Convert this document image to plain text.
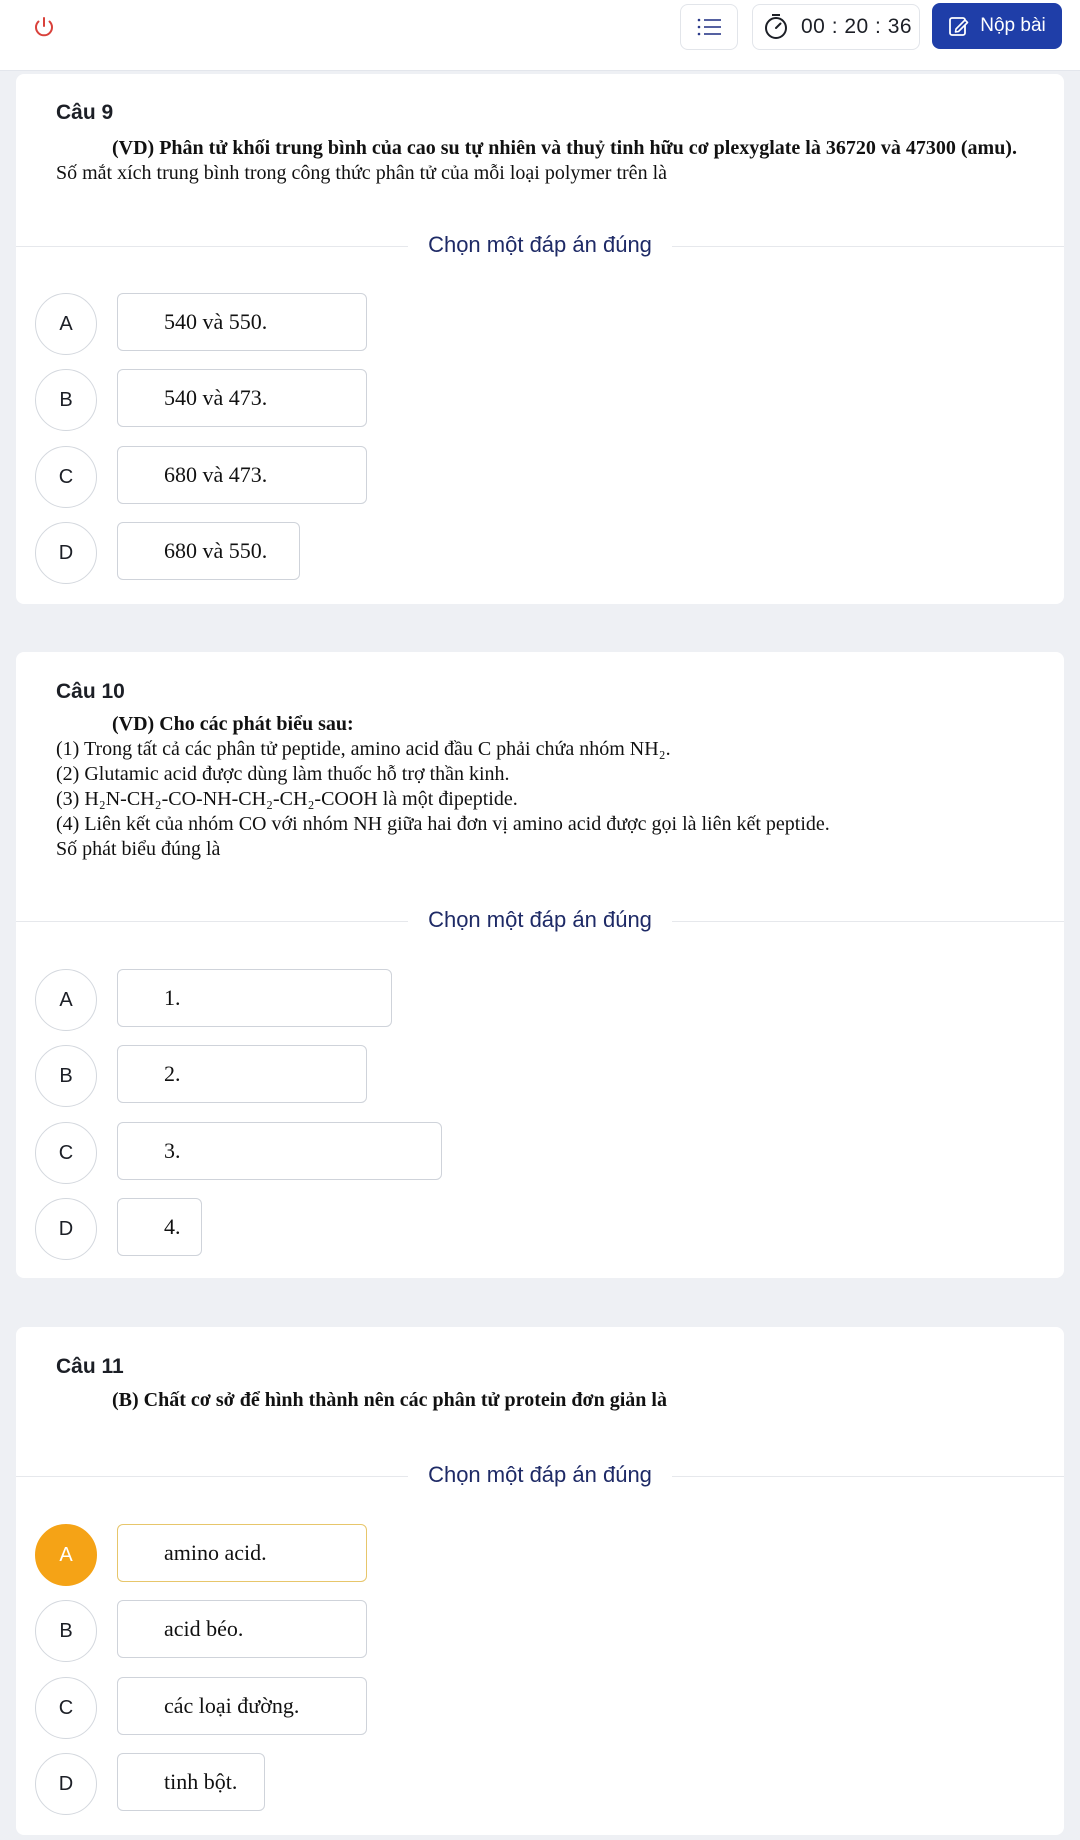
00 : 20 : 36	Nộp bài
Câu 9
(VD) Phân tử khối trung bình của cao su tự nhiên và thuỷ tinh hữu cơ plexyglate là 36720 và 47300 (amu).
Số mắt xích trung bình trong công thức phân tử của mỗi loại polymer trên là
Chọn một đáp án đúng
A	540 và 550.
B	540 và 473.
C	680 và 473.
D	680 và 550.
Câu 10
(VD) Cho các phát biểu sau:
(1) Trong tất cả các phân tử peptide, amino acid đầu C phải chứa nhóm NH₂.
(2) Glutamic acid được dùng làm thuốc hỗ trợ thần kinh.
(3) H₂N-CH₂-CO-NH-CH₂-CH₂-COOH là một đipeptide.
(4) Liên kết của nhóm CO với nhóm NH giữa hai đơn vị amino acid được gọi là liên kết peptide.
Số phát biểu đúng là
Chọn một đáp án đúng
A	1.
B	2.
C	3.
D	4.
Câu 11
(B) Chất cơ sở để hình thành nên các phân tử protein đơn giản là
Chọn một đáp án đúng
A	amino acid.
B	acid béo.
C	các loại đường.
D	tinh bột.
